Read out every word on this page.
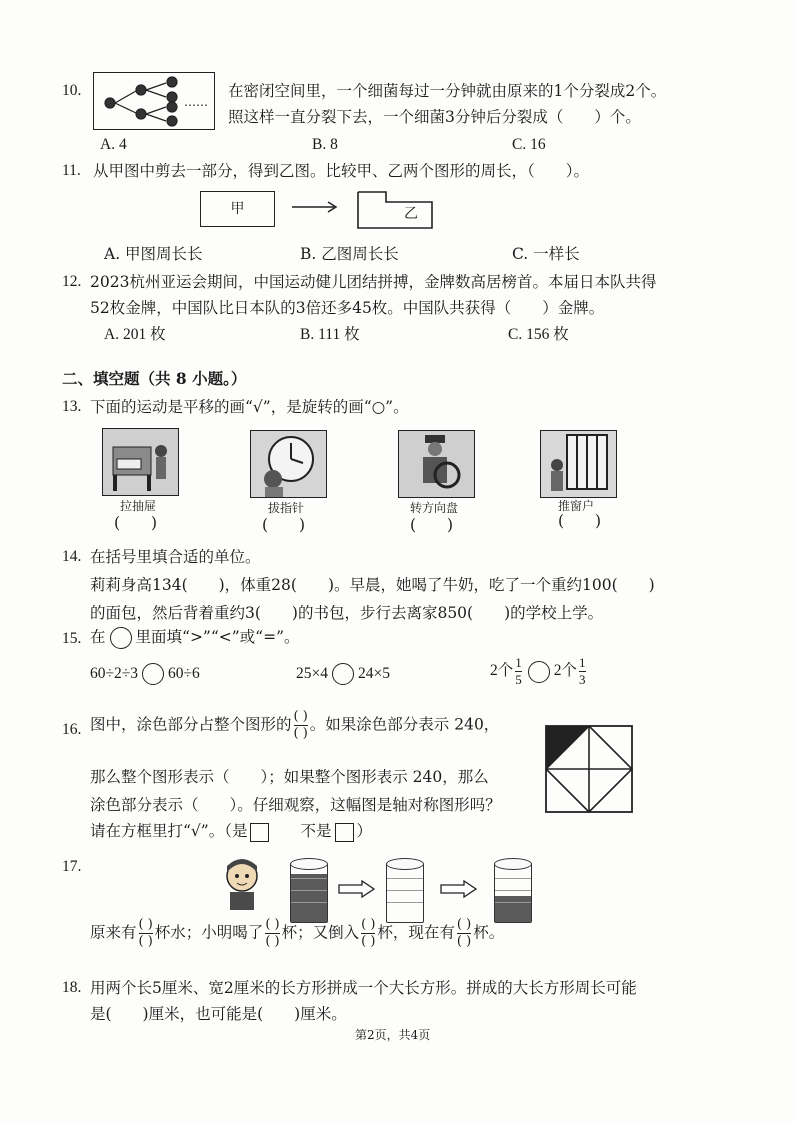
10.
……
在密闭空间里，一个细菌每过一分钟就由原来的1个分裂成2个。
照这样一直分裂下去，一个细菌3分钟后分裂成（　　）个。
A. 4	B. 8	C. 16
11. 从甲图中剪去一部分，得到乙图。比较甲、乙两个图形的周长，（　　）。
甲	乙
A. 甲图周长长	B. 乙图周长长	C. 一样长
12. 2023杭州亚运会期间，中国运动健儿团结拼搏，金牌数高居榜首。本届日本队共得
52枚金牌，中国队比日本队的3倍还多45枚。中国队共获得（　　）金牌。
A. 201 枚	B. 111 枚	C. 156 枚
二、填空题（共 8 小题。）
13. 下面的运动是平移的画“√”，是旋转的画“○”。
拉抽屉	拔指针	转方向盘	推窗户
(　　)	(　　)	(　　)	(　　)
14. 在括号里填合适的单位。
莉莉身高134(　　)，体重28(　　)。早晨，她喝了牛奶，吃了一个重约100(　　)
的面包，然后背着重约3(　　)的书包，步行去离家850(　　)的学校上学。
15. 在 里面填“>”“<”或“=”。
60÷2÷3 60÷6	25×4 24×5	2个 $\frac{1}{5} 2$个 $\frac{1}{3}$
16. 图中，涂色部分占整个图形的 $\frac{( )}{( )}$ 。如果涂色部分表示 240，
那么整个图形表示（　　）；如果整个图形表示 240，那么
涂色部分表示（　　）。仔细观察，这幅图是轴对称图形吗？
请在方框里打“√”。（是	不是 ）
17.
原来有 $\frac{( )}{( )}$ 杯水；小明喝了 $\frac{( )}{( )}$ 杯；又倒入 $\frac{( )}{( )}$ 杯，现在有 $\frac{( )}{( )}$ 杯。
18. 用两个长5厘米、宽2厘米的长方形拼成一个大长方形。拼成的大长方形周长可能
是(　　)厘米，也可能是(　　)厘米。
第2页，共4页
